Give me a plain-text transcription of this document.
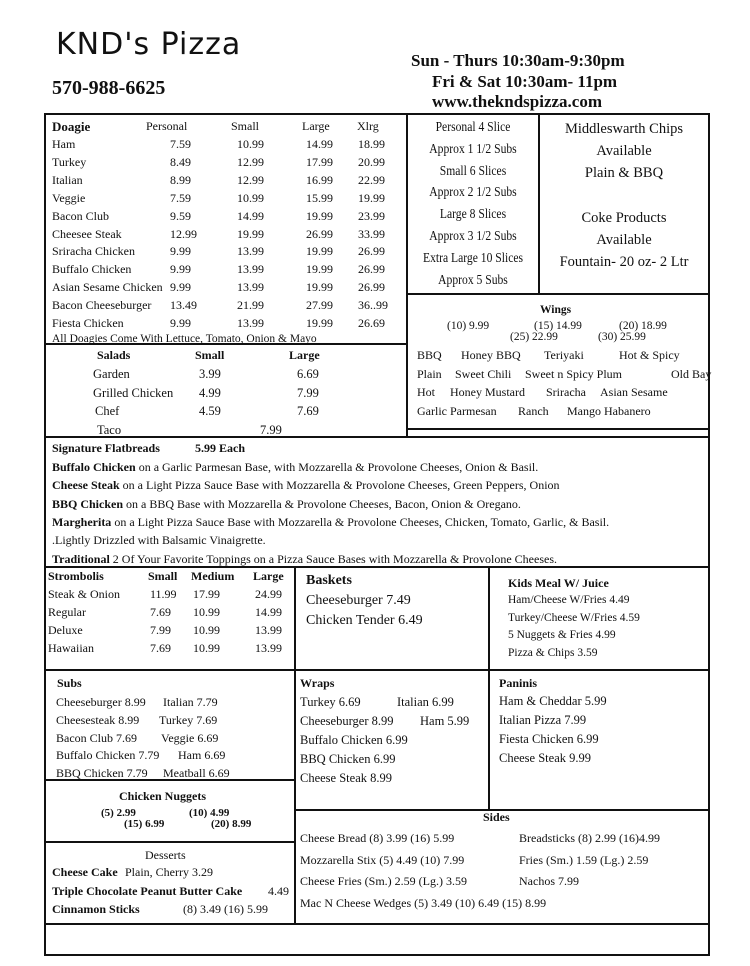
KND's Pizza
570-988-6625
Sun - Thurs 10:30am-9:30pm
Fri & Sat 10:30am- 11pm
www.thekndspizza.com
Doagie	Personal	Small	Large Xlrg
Ham	7.59	10.99	14.99 18.99
Turkey	8.49	12.99	17.99 20.99
Italian	8.99	12.99	16.99 22.99
Veggie	7.59	10.99	15.99 19.99
Bacon Club	9.59	14.99	19.99 23.99
Cheesee Steak	12.99	19.99	26.99 33.99
Sriracha Chicken	9.99	13.99	19.99 26.99
Buffalo Chicken	9.99	13.99	19.99 26.99
Asian Sesame Chicken 9.99	13.99	19.99 26.99
Bacon Cheeseburger 13.49	21.99	27.99 36..99
Fiesta Chicken	9.99	13.99	19.99 26.69
All Doagies Come With Lettuce, Tomato, Onion & Mayo
Personal 4 Slice
Approx 1 1/2 Subs
Small 6 Slices
Approx 2 1/2 Subs
Large 8 Slices
Approx 3 1/2 Subs
Extra Large 10 Slices
Approx 5 Subs
Middleswarth Chips
Available
Plain & BBQ
Coke Products
Available
Fountain- 20 oz- 2 Ltr
Wings
(10) 9.99
(25) 22.99
(15) 14.99
(30) 25.99
(20) 18.99
BBQ Honey BBQ Teriyaki	Hot & Spicy
Plain Sweet Chili Sweet n Spicy Plum	Old Bay
Hot Honey Mustard Sriracha Asian Sesame
Garlic Parmesan Ranch Mango Habanero
Salads	Small	Large
Garden	3.99	6.69
Grilled Chicken 4.99	7.99
Chef	4.59	7.69
Taco	7.99
Signature Flatbreads	5.99 Each
Buffalo Chicken on a Garlic Parmesan Base, with Mozzarella & Provolone Cheeses, Onion & Basil.
Cheese Steak on a Light Pizza Sauce Base with Mozzarella & Provolone Cheeses, Green Peppers, Onion
BBQ Chicken on a BBQ Base with Mozzarella & Provolone Cheeses, Bacon, Onion & Oregano.
Margherita on a Light Pizza Sauce Base with Mozzarella & Provolone Cheeses, Chicken, Tomato, Garlic, & Basil.
.Lightly Drizzled with Balsamic Vinaigrette.
Traditional 2 Of Your Favorite Toppings on a Pizza Sauce Bases with Mozzarella & Provolone Cheeses.
Strombolis	Small Medium Large
Steak & Onion	11.99 17.99	24.99
Regular	7.69 10.99	14.99
Deluxe	7.99 10.99	13.99
Hawaiian	7.69 10.99	13.99
Baskets
Cheeseburger 7.49
Chicken Tender 6.49
Kids Meal W/ Juice
Ham/Cheese W/Fries 4.49
Turkey/Cheese W/Fries 4.59
5 Nuggets & Fries 4.99
Pizza & Chips 3.59
Subs
Cheeseburger 8.99 Italian 7.79
Cheesesteak 8.99 Turkey 7.69
Bacon Club 7.69 Veggie 6.69
Buffalo Chicken 7.79 Ham 6.69
BBQ Chicken 7.79 Meatball 6.69
Wraps
Turkey 6.69	Italian 6.99
Cheeseburger 8.99 Ham 5.99
Buffalo Chicken 6.99
BBQ Chicken 6.99
Cheese Steak 8.99
Paninis
Ham & Cheddar 5.99
Italian Pizza 7.99
Fiesta Chicken 6.99
Cheese Steak 9.99
Chicken Nuggets
(5) 2.99	(10) 4.99
(15) 6.99	(20) 8.99
Desserts
Cheese Cake Plain, Cherry 3.29
Triple Chocolate Peanut Butter Cake 4.49
Cinnamon Sticks	(8) 3.49 (16) 5.99
Sides
Cheese Bread (8) 3.99 (16) 5.99
Mozzarella Stix (5) 4.49 (10) 7.99
Cheese Fries (Sm.) 2.59 (Lg.) 3.59
Mac N Cheese Wedges (5) 3.49 (10) 6.49 (15) 8.99
Breadsticks (8) 2.99 (16)4.99
Fries (Sm.) 1.59 (Lg.) 2.59
Nachos 7.99
